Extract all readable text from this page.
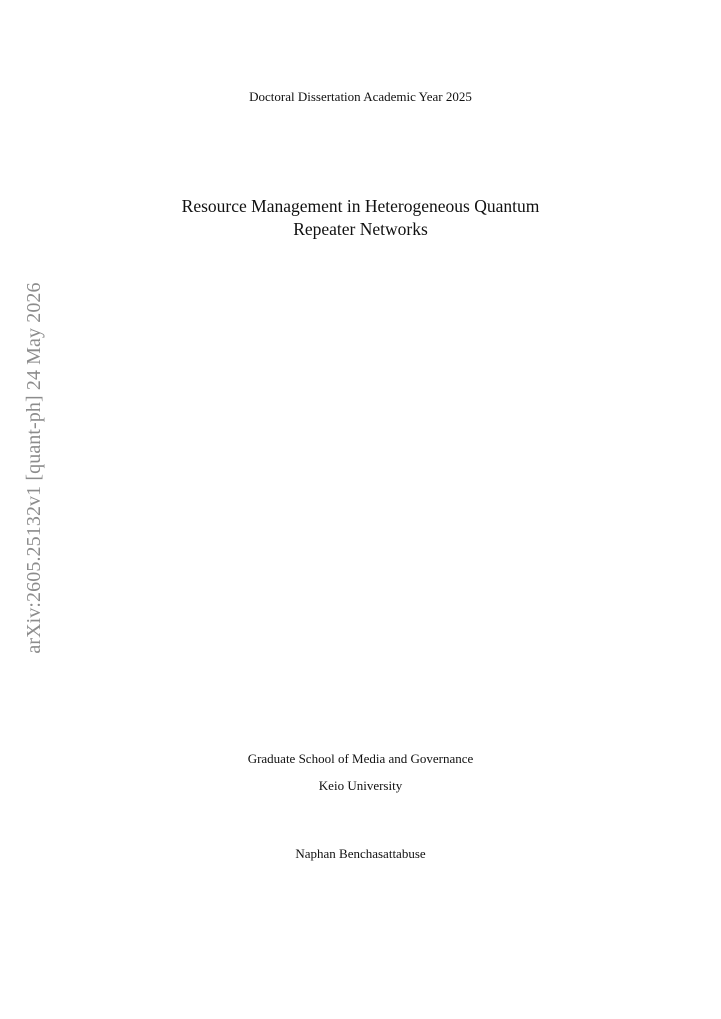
arXiv:2605.25132v1 [quant-ph] 24 May 2026
Doctoral Dissertation Academic Year 2025
Resource Management in Heterogeneous Quantum
Repeater Networks
Graduate School of Media and Governance
Keio University
Naphan Benchasattabuse
